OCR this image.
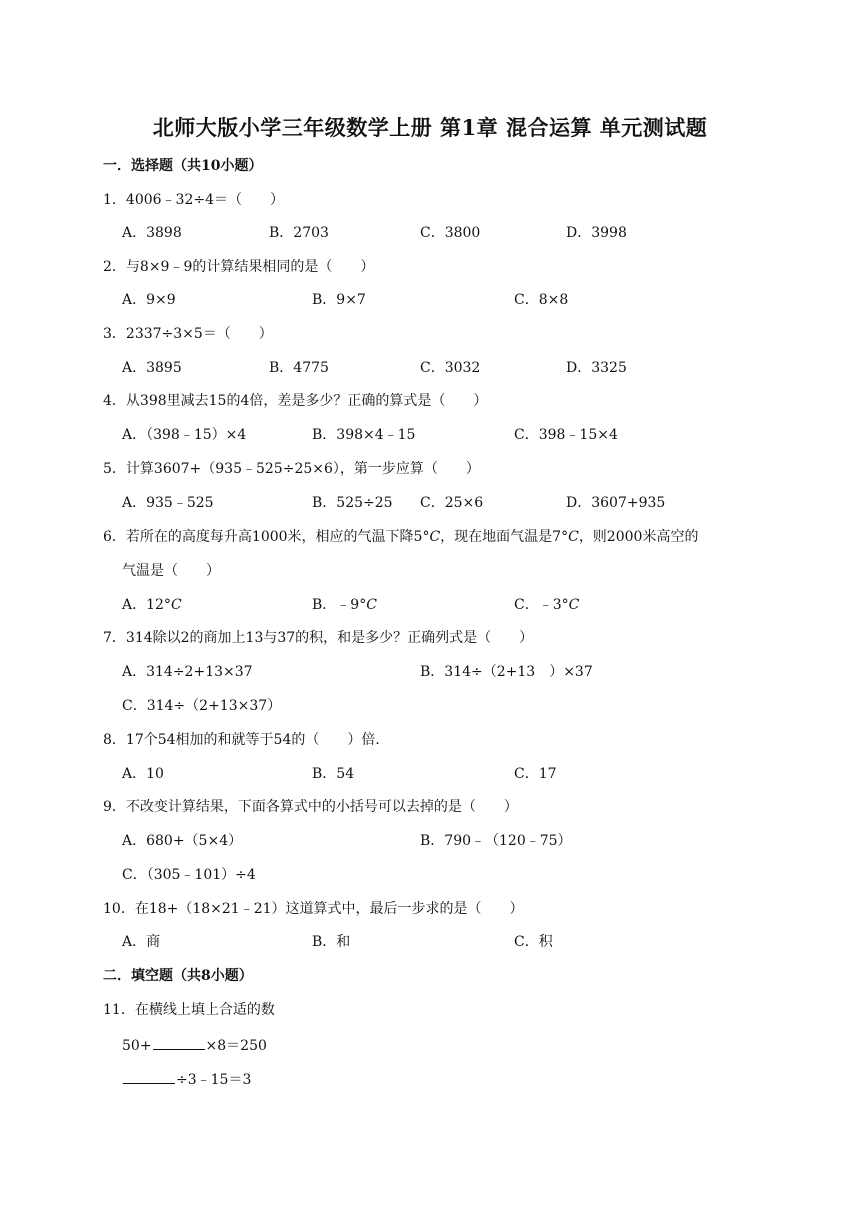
北师大版小学三年级数学上册 第1章 混合运算 单元测试题
一．选择题（共10小题）
1．4006﹣32÷4＝（　　）
A．3898	B．2703	C．3800	D．3998
2．与8×9﹣9的计算结果相同的是（　　）
A．9×9	B．9×7	C．8×8
3．2337÷3×5＝（　　）
A．3895	B．4775	C．3032	D．3325
4．从398里减去15的4倍，差是多少？正确的算式是（　　）
A．（398﹣15）×4	B．398×4﹣15	C．398﹣15×4
5．计算3607+（935﹣525÷25×6），第一步应算（　　）
A．935﹣525	B．525÷25 C．25×6	D．3607+935
6．若所在的高度每升高1000米，相应的气温下降5°C，现在地面气温是7°C，则2000米高空的
气温是（　　）
A．12°C	B．﹣9°C	C．﹣3°C
7．314除以2的商加上13与37的积，和是多少？正确列式是（　　）
A．314÷2+13×37	B．314÷（2+13　）×37
C．314÷（2+13×37）
8．17个54相加的和就等于54的（　　）倍．
A．10	B．54	C．17
9．不改变计算结果，下面各算式中的小括号可以去掉的是（　　）
A．680+（5×4）	B．790﹣（120﹣75）
C．（305﹣101）÷4
10．在18+（18×21﹣21）这道算式中，最后一步求的是（　　）
A．商	B．和	C．积
二．填空题（共8小题）
11．在横线上填上合适的数
50+	×8＝250
÷3﹣15＝3
